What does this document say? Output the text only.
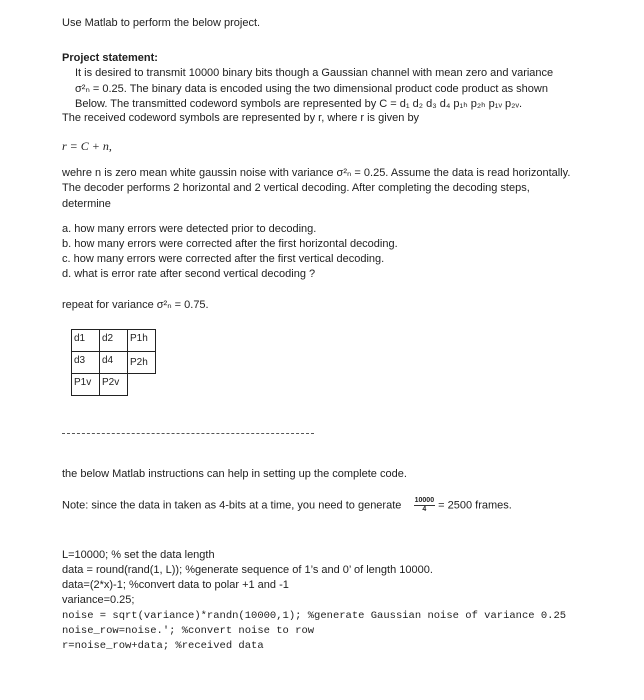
Use Matlab to perform the below project.
Project statement:
It is desired to transmit 10000 binary bits though a Gaussian channel with mean zero and variance
σ²ₙ = 0.25. The binary data is encoded using the two dimensional product code product as shown
Below. The transmitted codeword symbols are represented by C = d₁ d₂ d₃ d₄ p₁ₕ p₂ₕ p₁ᵥ p₂ᵥ.
The received codeword symbols are represented by r, where r is given by
r = C + n,
wehre n is zero mean white gaussin noise with variance σ²ₙ = 0.25. Assume the data is read horizontally.
The decoder performs 2 horizontal and 2 vertical decoding. After completing the decoding steps,
determine
a. how many errors were detected prior to decoding.
b. how many errors were corrected after the first horizontal decoding.
c. how many errors were corrected after the first vertical decoding.
d. what is error rate after second vertical decoding ?
repeat for variance σ²ₙ = 0.75.
d1	d2	P1h
d3	d4	P2h
P1v	P2v	
the below Matlab instructions can help in setting up the complete code.
Note: since the data in taken as 4-bits at a time, you need to generate $\frac{10000}{4} = 2500$ frames.
L=10000; % set the data length
data = round(rand(1, L)); %generate sequence of 1’s and 0’ of length 10000.
data=(2*x)-1; %convert data to polar +1 and -1
variance=0.25;
noise = sqrt(variance)*randn(10000,1); %generate Gaussian noise of variance 0.25
noise_row=noise.'; %convert noise to row
r=noise_row+data; %received data
